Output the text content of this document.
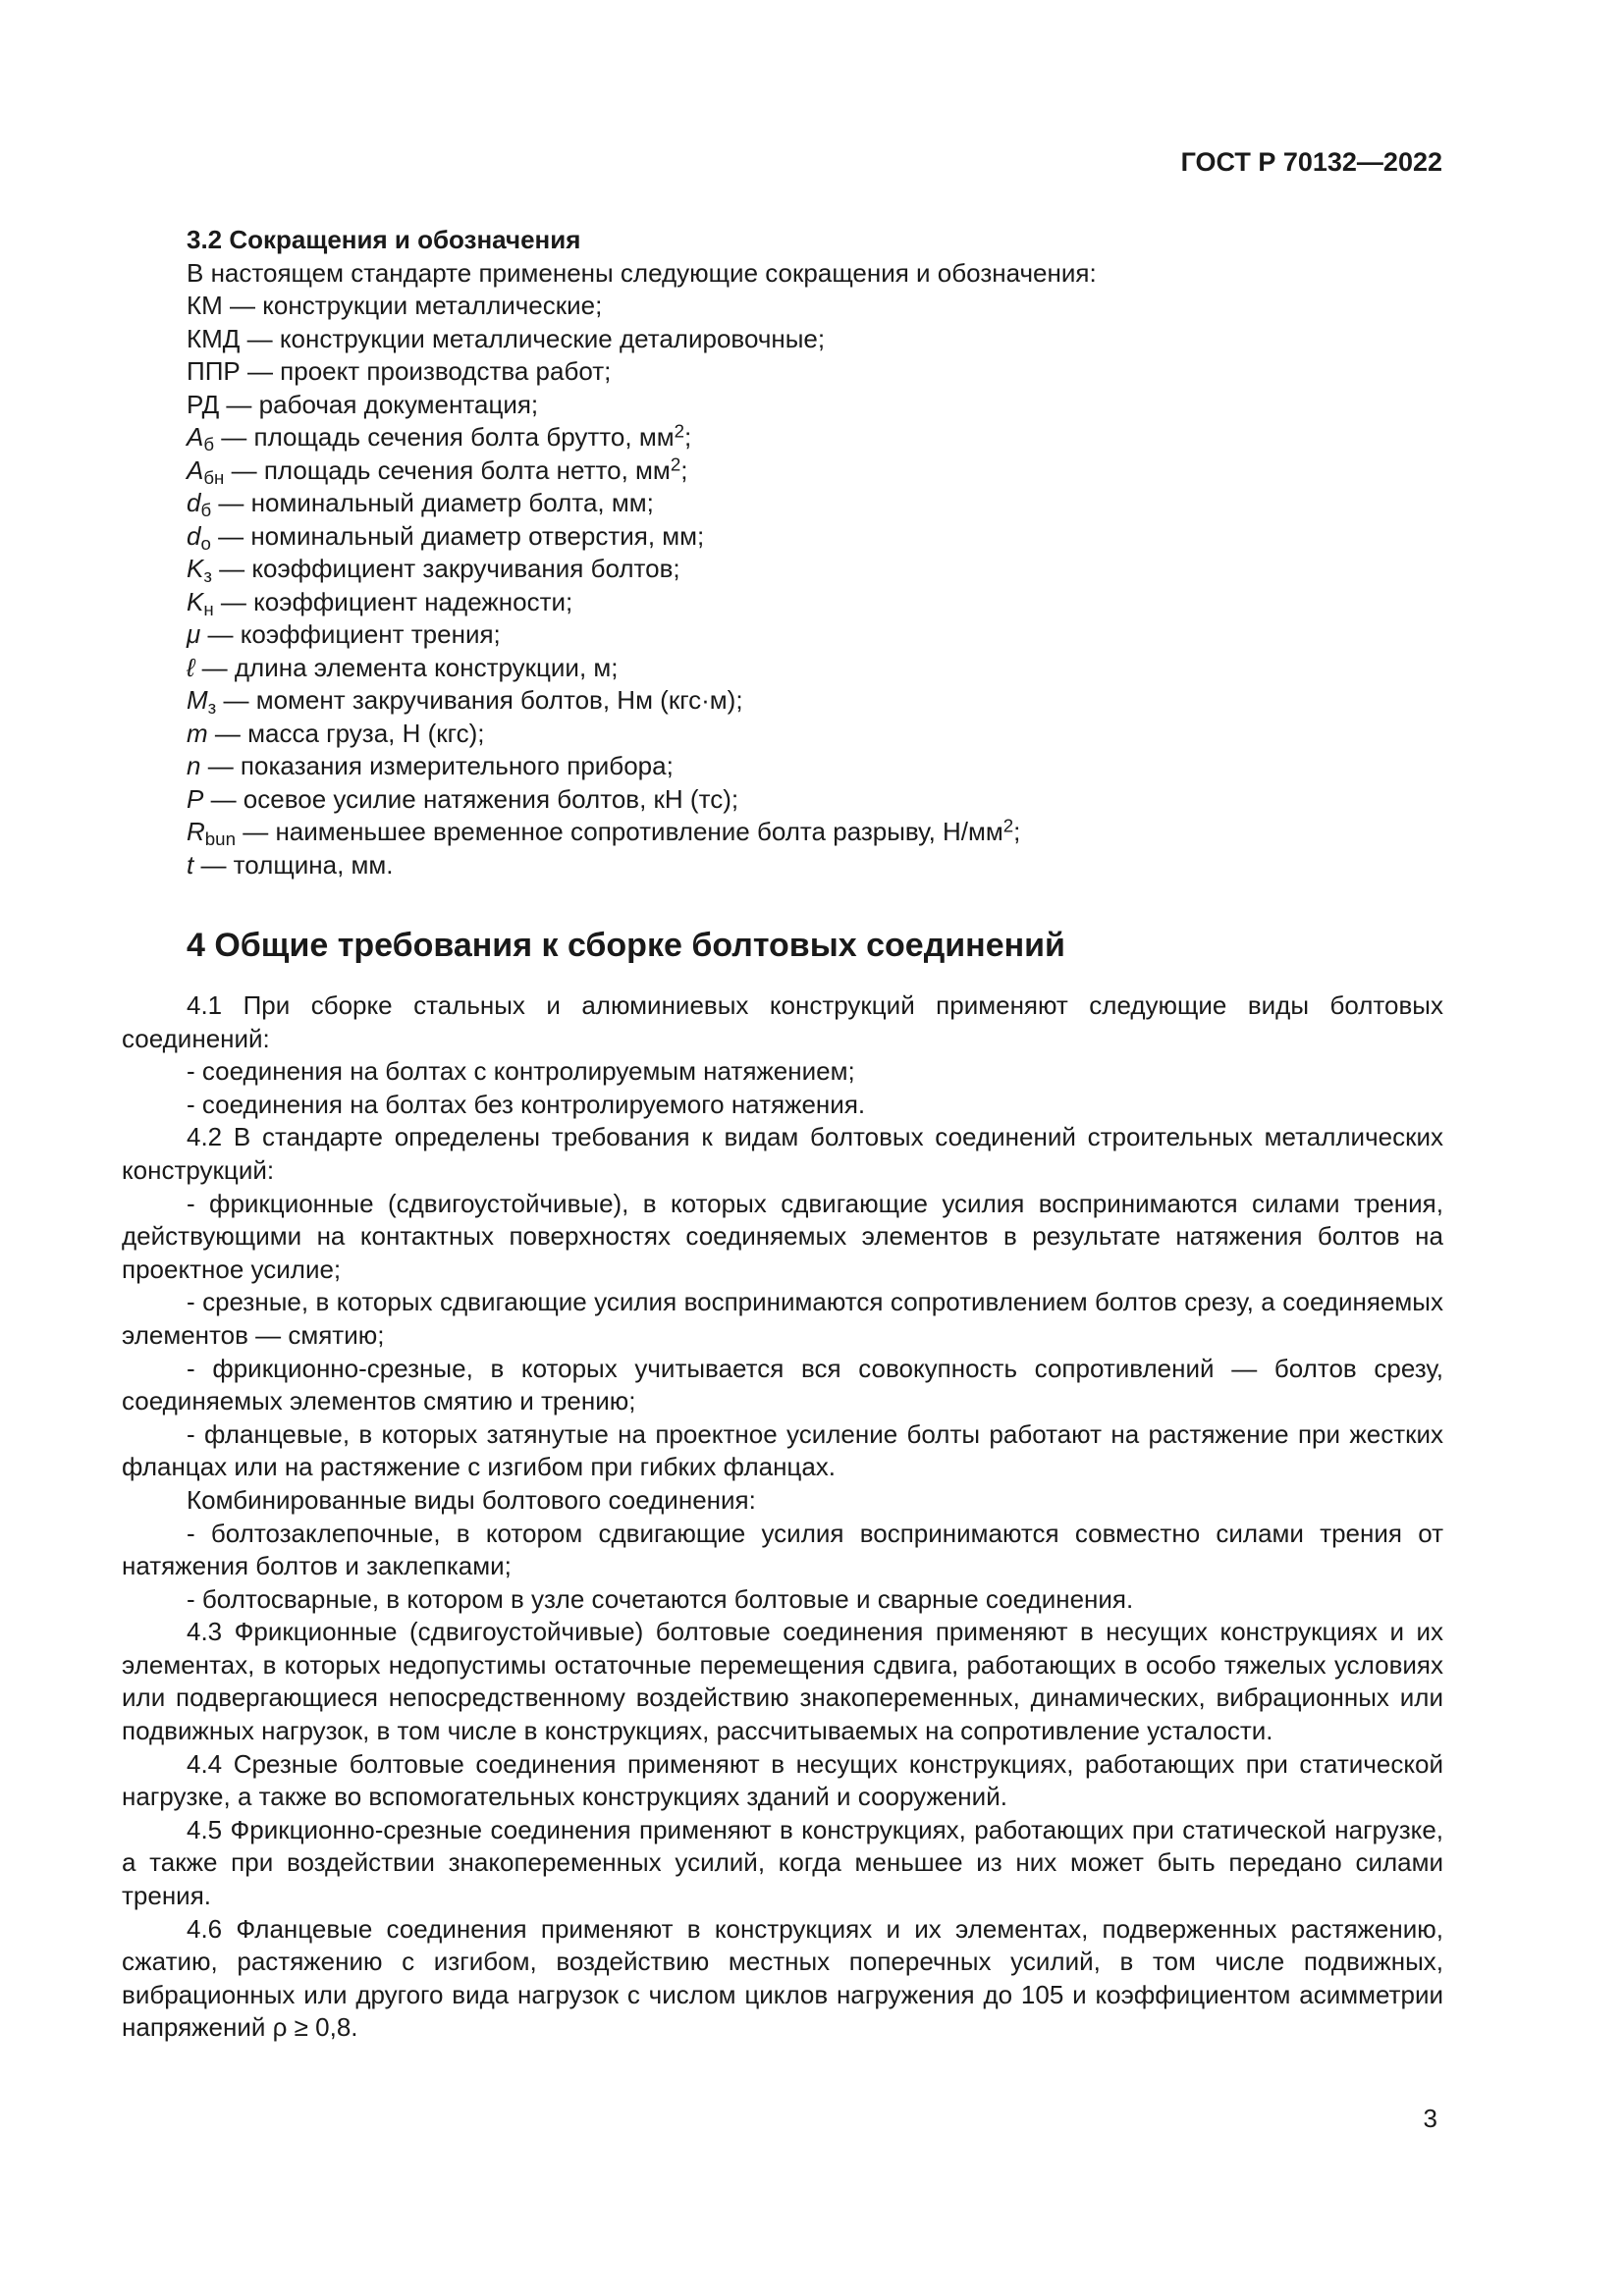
ГОСТ Р 70132—2022
3.2 Сокращения и обозначения
В настоящем стандарте применены следующие сокращения и обозначения:
КМ — конструкции металлические;
КМД — конструкции металлические деталировочные;
ППР — проект производства работ;
РД — рабочая документация;
$A_б$ — площадь сечения болта брутто, $мм^2$;
$A_{бн}$ — площадь сечения болта нетто, $мм^2$;
$d_б$ — номинальный диаметр болта, мм;
$d_о$ — номинальный диаметр отверстия, мм;
$K_з$ — коэффициент закручивания болтов;
$K_н$ — коэффициент надежности;
μ — коэффициент трения;
ℓ — длина элемента конструкции, м;
$M_з$ — момент закручивания болтов, Нм (кгс·м);
m — масса груза, Н (кгс);
n — показания измерительного прибора;
P — осевое усилие натяжения болтов, кН (тс);
$R_{bun}$ — наименьшее временное сопротивление болта разрыву, $Н/мм^2$;
t — толщина, мм.
4 Общие требования к сборке болтовых соединений

4.1 При сборке стальных и алюминиевых конструкций применяют следующие виды болтовых соединений:

- соединения на болтах с контролируемым натяжением;

- соединения на болтах без контролируемого натяжения.

4.2 В стандарте определены требования к видам болтовых соединений строительных металлических конструкций:

- фрикционные (сдвигоустойчивые), в которых сдвигающие усилия воспринимаются силами трения, действующими на контактных поверхностях соединяемых элементов в результате натяжения болтов на проектное усилие;

- срезные, в которых сдвигающие усилия воспринимаются сопротивлением болтов срезу, а соединяемых элементов — смятию;

- фрикционно-срезные, в которых учитывается вся совокупность сопротивлений — болтов срезу, соединяемых элементов смятию и трению;

- фланцевые, в которых затянутые на проектное усиление болты работают на растяжение при жестких фланцах или на растяжение с изгибом при гибких фланцах.

Комбинированные виды болтового соединения:

- болтозаклепочные, в котором сдвигающие усилия воспринимаются совместно силами трения от натяжения болтов и заклепками;

- болтосварные, в котором в узле сочетаются болтовые и сварные соединения.

4.3 Фрикционные (сдвигоустойчивые) болтовые соединения применяют в несущих конструкциях и их элементах, в которых недопустимы остаточные перемещения сдвига, работающих в особо тяжелых условиях или подвергающиеся непосредственному воздействию знакопеременных, динамических, вибрационных или подвижных нагрузок, в том числе в конструкциях, рассчитываемых на сопротивление усталости.

4.4 Срезные болтовые соединения применяют в несущих конструкциях, работающих при статической нагрузке, а также во вспомогательных конструкциях зданий и сооружений.

4.5 Фрикционно-срезные соединения применяют в конструкциях, работающих при статической нагрузке, а также при воздействии знакопеременных усилий, когда меньшее из них может быть передано силами трения.

4.6 Фланцевые соединения применяют в конструкциях и их элементах, подверженных растяжению, сжатию, растяжению с изгибом, воздействию местных поперечных усилий, в том числе подвижных, вибрационных или другого вида нагрузок с числом циклов нагружения до 105 и коэффициентом асимметрии напряжений ρ ≥ 0,8.

3
